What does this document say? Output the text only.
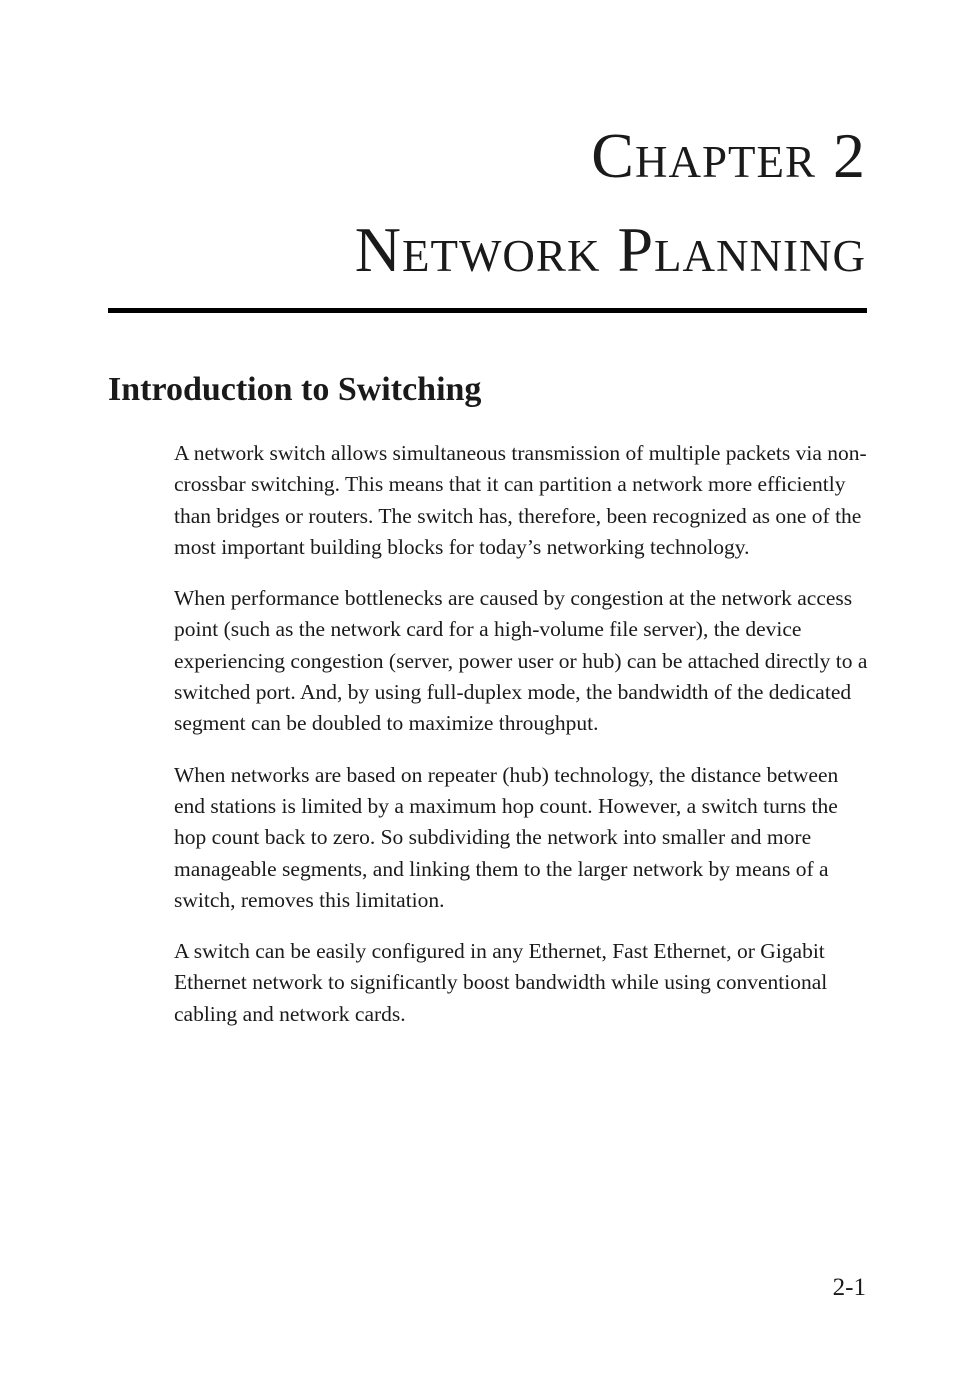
Chapter 2
Network Planning
Introduction to Switching

A network switch allows simultaneous transmission of multiple packets via non-crossbar switching. This means that it can partition a network more efficiently than bridges or routers. The switch has, therefore, been recognized as one of the most important building blocks for today’s networking technology.

When performance bottlenecks are caused by congestion at the network access point (such as the network card for a high-volume file server), the device experiencing congestion (server, power user or hub) can be attached directly to a switched port. And, by using full-duplex mode, the bandwidth of the dedicated segment can be doubled to maximize throughput.

When networks are based on repeater (hub) technology, the distance between end stations is limited by a maximum hop count. However, a switch turns the hop count back to zero. So subdividing the network into smaller and more manageable segments, and linking them to the larger network by means of a switch, removes this limitation.

A switch can be easily configured in any Ethernet, Fast Ethernet, or Gigabit Ethernet network to significantly boost bandwidth while using conventional cabling and network cards.

2-1
